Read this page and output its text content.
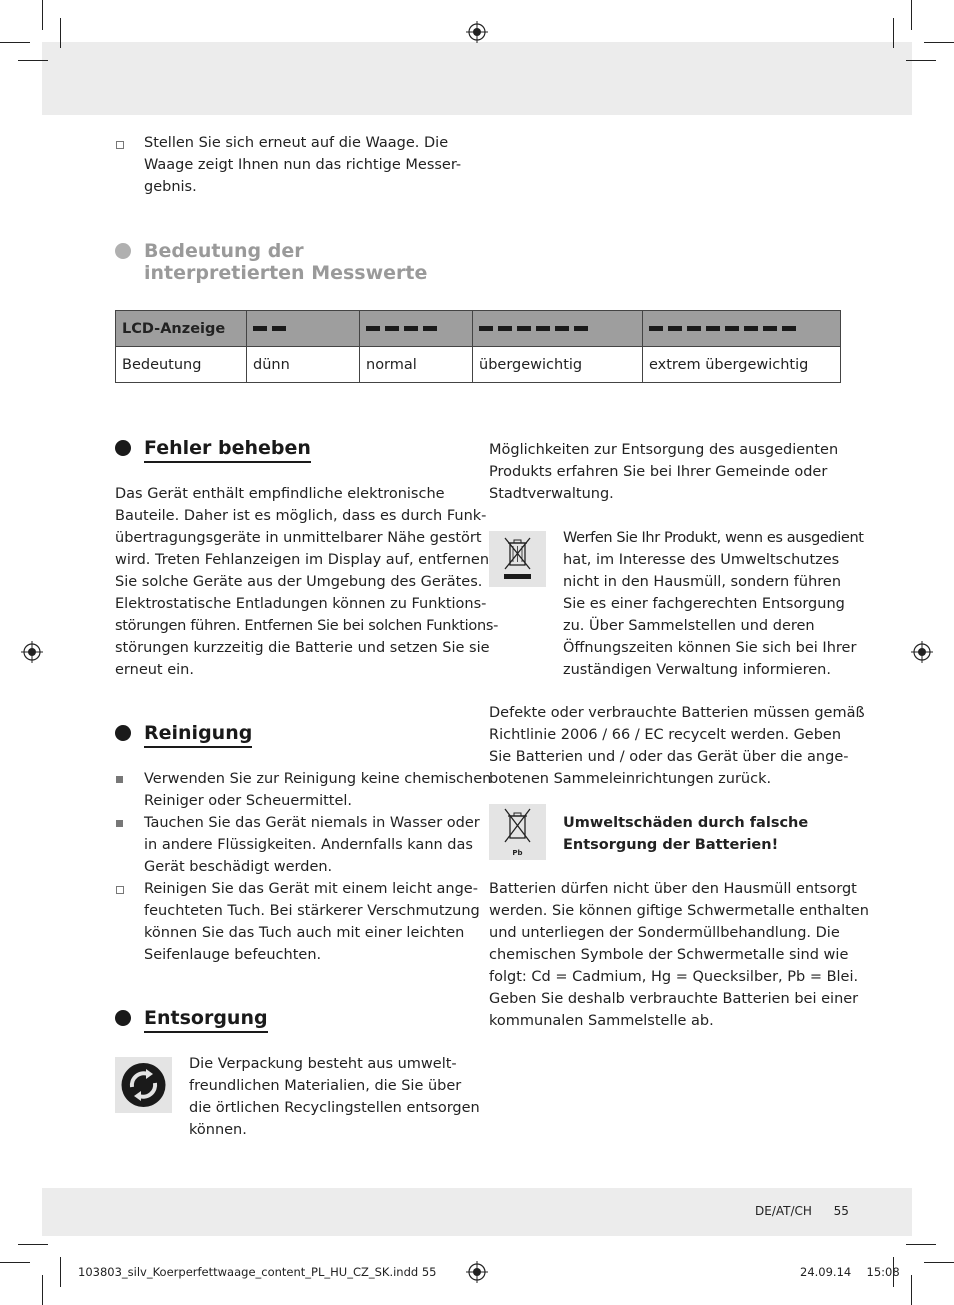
Stellen Sie sich erneut auf die Waage. Die
Waage zeigt Ihnen nun das richtige Messer-
gebnis.
Bedeutung der
interpretierten Messwerte
LCD-Anzeige				
Bedeutung	dünn	normal	übergewichtig	extrem übergewichtig
Fehler beheben
Das Gerät enthält empfindliche elektronische
Bauteile. Daher ist es möglich, dass es durch Funk-
übertragungsgeräte in unmittelbarer Nähe gestört
wird. Treten Fehlanzeigen im Display auf, entfernen
Sie solche Geräte aus der Umgebung des Gerätes.
Elektrostatische Entladungen können zu Funktions-
störungen führen. Entfernen Sie bei solchen Funktions-
störungen kurzzeitig die Batterie und setzen Sie sie
erneut ein.
Reinigung
Verwenden Sie zur Reinigung keine chemischen
Reiniger oder Scheuermittel.
Tauchen Sie das Gerät niemals in Wasser oder
in andere Flüssigkeiten. Andernfalls kann das
Gerät beschädigt werden.
Reinigen Sie das Gerät mit einem leicht ange-
feuchteten Tuch. Bei stärkerer Verschmutzung
können Sie das Tuch auch mit einer leichten
Seifenlauge befeuchten.
Entsorgung
Die Verpackung besteht aus umwelt-
freundlichen Materialien, die Sie über
die örtlichen Recyclingstellen entsorgen
können.
Möglichkeiten zur Entsorgung des ausgedienten
Produkts erfahren Sie bei Ihrer Gemeinde oder
Stadtverwaltung.
Werfen Sie Ihr Produkt, wenn es ausgedient
hat, im Interesse des Umweltschutzes
nicht in den Hausmüll, sondern führen
Sie es einer fachgerechten Entsorgung
zu. Über Sammelstellen und deren
Öffnungszeiten können Sie sich bei Ihrer
zuständigen Verwaltung informieren.
Defekte oder verbrauchte Batterien müssen gemäß
Richtlinie 2006 / 66 / EC recycelt werden. Geben
Sie Batterien und / oder das Gerät über die ange-
botenen Sammeleinrichtungen zurück.
Pb
Umweltschäden durch falsche
Entsorgung der Batterien!
Batterien dürfen nicht über den Hausmüll entsorgt
werden. Sie können giftige Schwermetalle enthalten
und unterliegen der Sondermüllbehandlung. Die
chemischen Symbole der Schwermetalle sind wie
folgt: Cd = Cadmium, Hg = Quecksilber, Pb = Blei.
Geben Sie deshalb verbrauchte Batterien bei einer
kommunalen Sammelstelle ab.
DE/AT/CH 55
103803_silv_Koerperfettwaage_content_PL_HU_CZ_SK.indd 55	24.09.14 15:08
